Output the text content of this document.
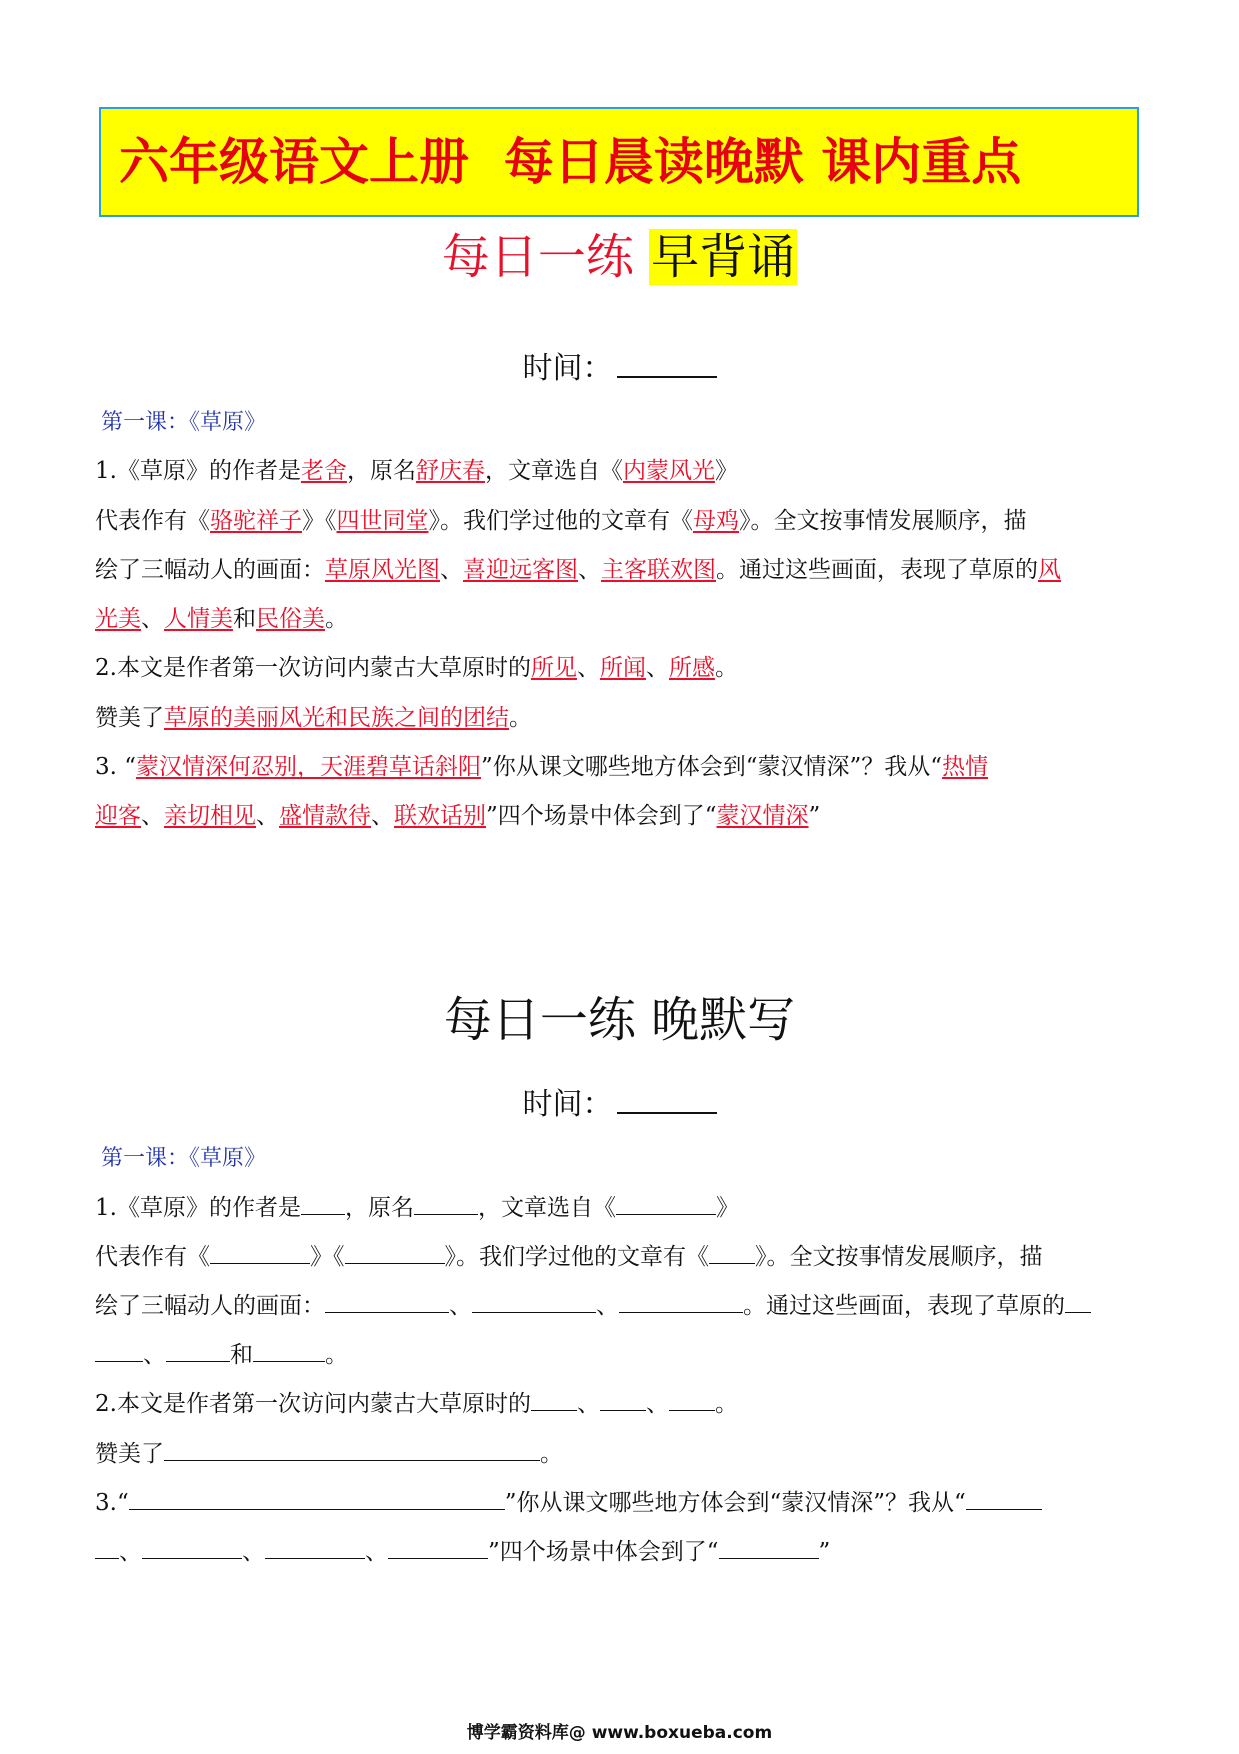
六年级语文上册  每日晨读晚默 课内重点
每日一练 早背诵
时间：
第一课：《草原》
1.《草原》的作者是老舍，原名舒庆春，文章选自《内蒙风光》
代表作有《骆驼祥子》《四世同堂》。我们学过他的文章有《母鸡》。全文按事情发展顺序，描
绘了三幅动人的画面：草原风光图、喜迎远客图、主客联欢图。通过这些画面，表现了草原的风
光美、人情美和民俗美。
2.本文是作者第一次访问内蒙古大草原时的所见、所闻、所感。
赞美了草原的美丽风光和民族之间的团结。
3. “蒙汉情深何忍别，天涯碧草话斜阳”你从课文哪些地方体会到“蒙汉情深”？我从“热情
迎客、亲切相见、盛情款待、联欢话别”四个场景中体会到了“蒙汉情深”
每日一练 晚默写
时间：
第一课：《草原》
1.《草原》的作者是 ，原名	，文章选自《	》
代表作有《	》《	》。我们学过他的文章有《 》。全文按事情发展顺序，描
绘了三幅动人的画面：	、	、	。通过这些画面，表现了草原的
、	和	。
2.本文是作者第一次访问内蒙古大草原时的 、 、 。
赞美了	。
3.“	”你从课文哪些地方体会到“蒙汉情深”？我从“
、	、	、	”四个场景中体会到了“	”
博学霸资料库@ www.boxueba.com
